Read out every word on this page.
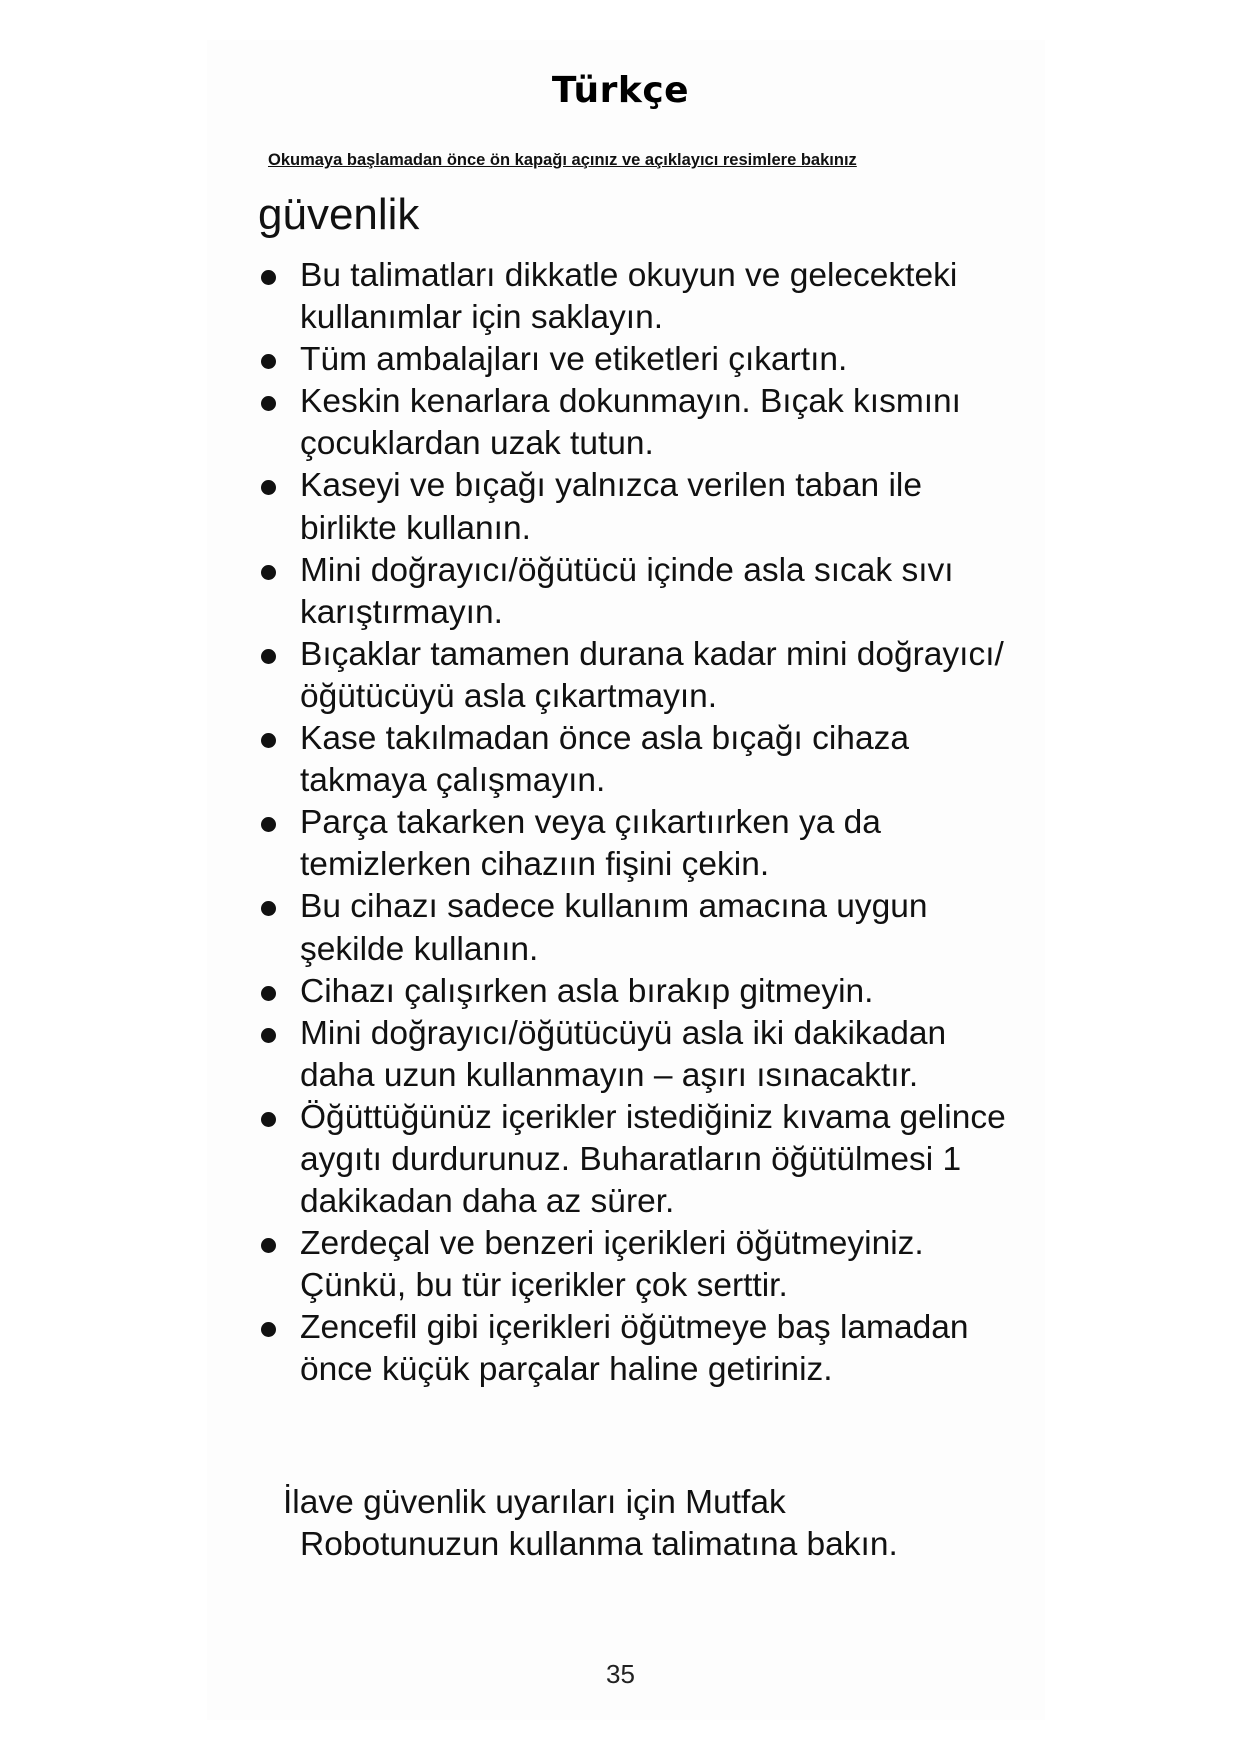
Türkçe

Okumaya başlamadan önce ön kapağı açınız ve açıklayıcı resimlere bakınız

güvenlik
Bu talimatları dikkatle okuyun ve gelecekteki kullanımlar için saklayın.
Tüm ambalajları ve etiketleri çıkartın.
Keskin kenarlara dokunmayın. Bıçak kısmını çocuklardan uzak tutun.
Kaseyi ve bıçağı yalnızca verilen taban ile birlikte kullanın.
Mini doğrayıcı/öğütücü içinde asla sıcak sıvı karıştırmayın.
Bıçaklar tamamen durana kadar mini doğrayıcı/öğütücüyü asla çıkartmayın.
Kase takılmadan önce asla bıçağı cihaza takmaya çalışmayın.
Parça takarken veya çııkartıırken ya da temizlerken cihazıın fişini çekin.
Bu cihazı sadece kullanım amacına uygun şekilde kullanın.
Cihazı çalışırken asla bırakıp gitmeyin.
Mini doğrayıcı/öğütücüyü asla iki dakikadan daha uzun kullanmayın – aşırı ısınacaktır.
Öğüttüğünüz içerikler istediğiniz kıvama gelince aygıtı durdurunuz. Buharatların öğütülmesi 1 dakikadan daha az sürer.
Zerdeçal ve benzeri içerikleri öğütmeyiniz. Çünkü, bu tür içerikler çok serttir.
Zencefil gibi içerikleri öğütmeye baş lamadan önce küçük parçalar haline getiriniz.

İlave güvenlik uyarıları için Mutfak
Robotunuzun kullanma talimatına bakın.

35
